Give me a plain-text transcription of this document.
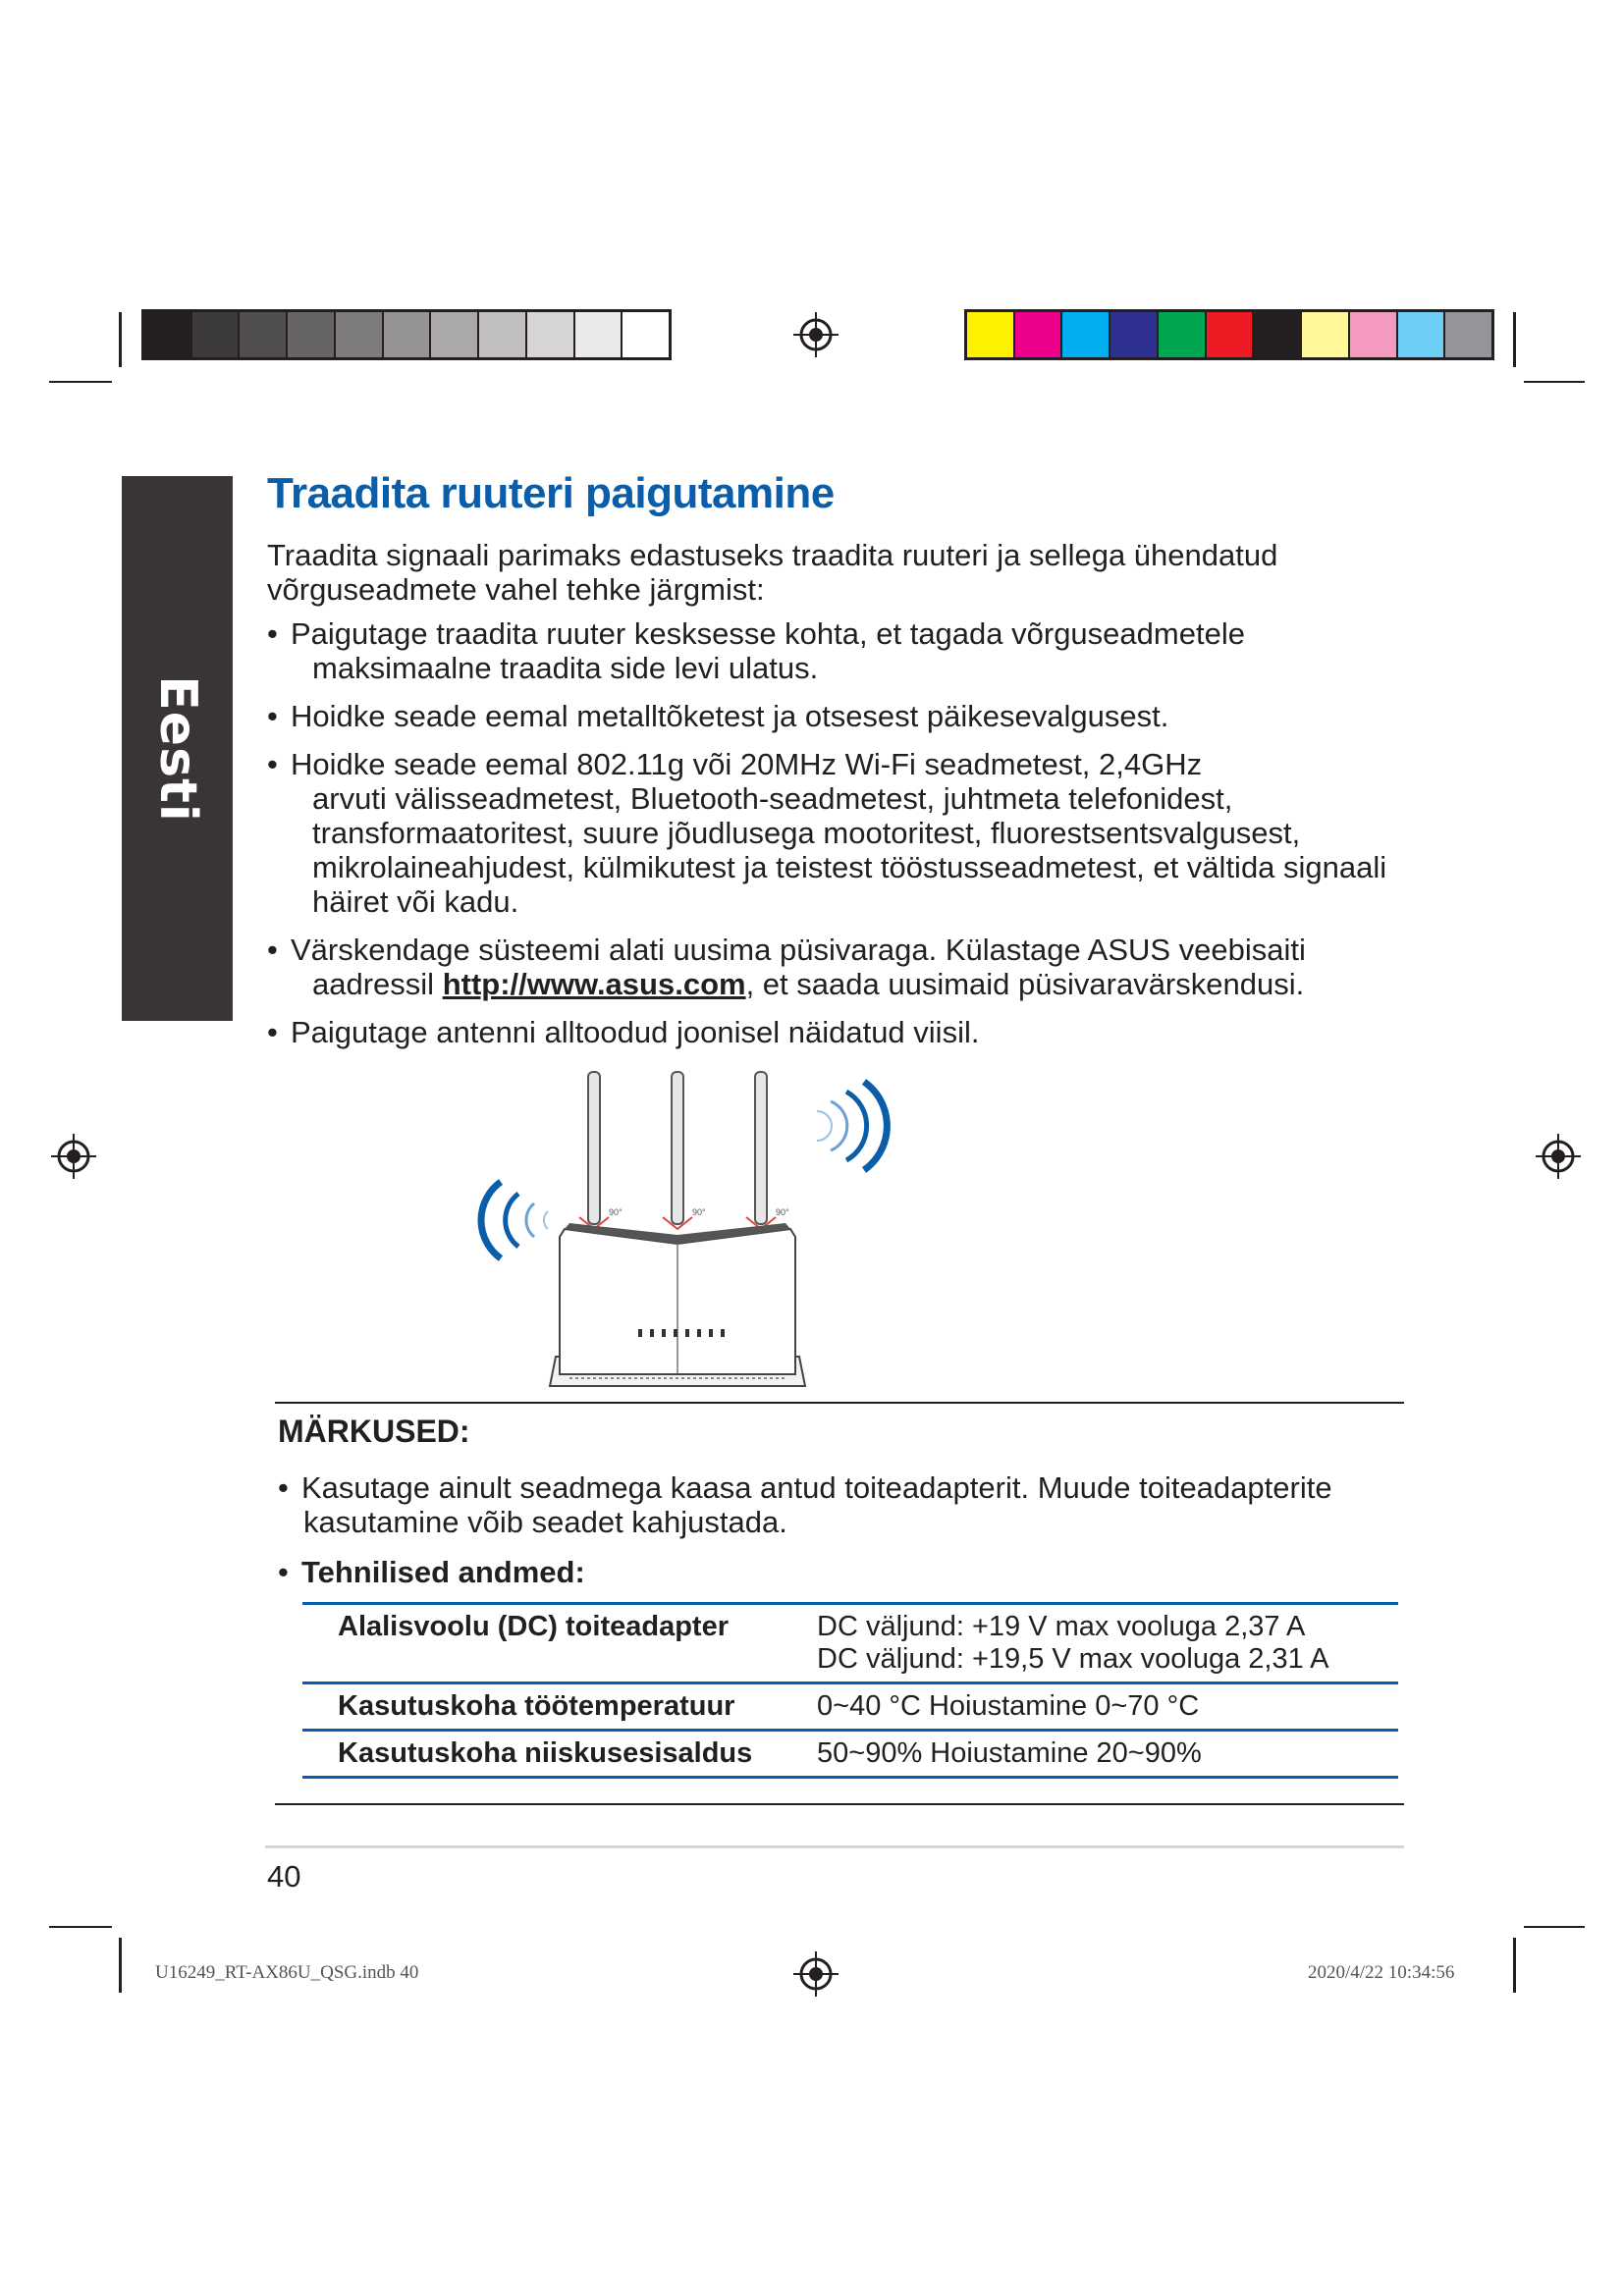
Eesti
Traadita ruuteri paigutamine

Traadita signaali parimaks edastuseks traadita ruuteri ja sellega ühendatud võrguseadmete vahel tehke järgmist:

• Paigutage traadita ruuter kesksesse kohta, et tagada võrguseadmetele
maksimaalne traadita side levi ulatus.
• Hoidke seade eemal metalltõketest ja otsesest päikesevalgusest.
• Hoidke seade eemal 802.11g või 20MHz Wi-Fi seadmetest, 2,4GHz
arvuti välisseadmetest, Bluetooth-seadmetest, juhtmeta telefonidest, transformaatoritest, suure jõudlusega mootoritest, fluorestsentsvalgusest, mikrolaineahjudest, külmikutest ja teistest tööstusseadmetest, et vältida signaali häiret või kadu.
• Värskendage süsteemi alati uusima püsivaraga. Külastage ASUS veebisaiti
aadressil http://www.asus.com, et saada uusimaid püsivaravärskendusi.
• Paigutage antenni alltoodud joonisel näidatud viisil.
90°	90°	90°
MÄRKUSED:
• Kasutage ainult seadmega kaasa antud toiteadapterit. Muude toiteadapterite
kasutamine võib seadet kahjustada.
• Tehnilised andmed:
Alalisvoolu (DC) toiteadapter	DC väljund: +19 V max vooluga 2,37 A
DC väljund: +19,5 V max vooluga 2,31 A

Kasutuskoha töötemperatuur	0~40 °C Hoiustamine 0~70 °C
Kasutuskoha niiskusesisaldus	50~90% Hoiustamine 20~90%
40
U16249_RT-AX86U_QSG.indb 40	2020/4/22 10:34:56
